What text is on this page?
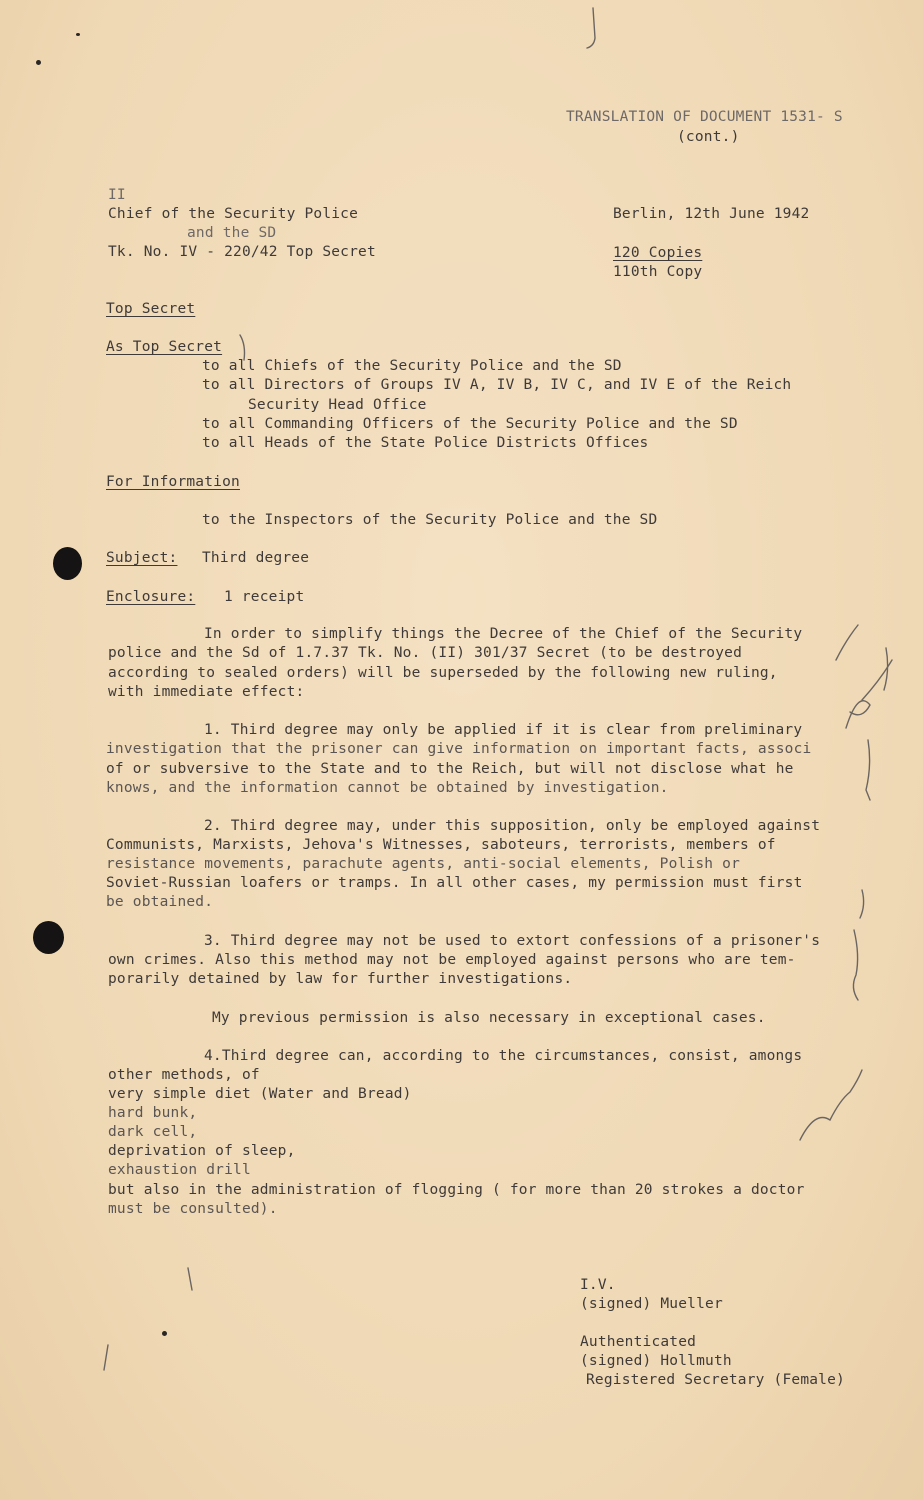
TRANSLATION OF DOCUMENT 1531- S
(cont.)
II
Chief of the Security Police
and the SD
Tk. No. IV - 220/42 Top Secret
Berlin, 12th June 1942
120 Copies
110th Copy
Top Secret
As Top Secret
to all Chiefs of the Security Police and the SD
to all Directors of Groups IV A, IV B, IV C, and IV E of the Reich
Security Head Office
to all Commanding Officers of the Security Police and the SD
to all Heads of the State Police Districts Offices
For Information
to the Inspectors of the Security Police and the SD
Subject: Third degree
Enclosure: 1 receipt
In order to simplify things the Decree of the Chief of the Security
police and the Sd of 1.7.37 Tk. No. (II) 301/37 Secret (to be destroyed
according to sealed orders) will be superseded by the following new ruling,
with immediate effect:
1. Third degree may only be applied if it is clear from preliminary
investigation that the prisoner can give information on important facts, associ
of or subversive to the State and to the Reich, but will not disclose what he
knows, and the information cannot be obtained by investigation.
2. Third degree may, under this supposition, only be employed against
Communists, Marxists, Jehova's Witnesses, saboteurs, terrorists, members of
resistance movements, parachute agents, anti-social elements, Polish or
Soviet-Russian loafers or tramps. In all other cases, my permission must first
be obtained.
3. Third degree may not be used to extort confessions of a prisoner's
own crimes. Also this method may not be employed against persons who are tem-
porarily detained by law for further investigations.
My previous permission is also necessary in exceptional cases.
4.Third degree can, according to the circumstances, consist, amongs
other methods, of
very simple diet (Water and Bread)
hard bunk,
dark cell,
deprivation of sleep,
exhaustion drill
but also in the administration of flogging ( for more than 20 strokes a doctor
must be consulted).
I.V.
(signed) Mueller
Authenticated
(signed) Hollmuth
Registered Secretary (Female)
